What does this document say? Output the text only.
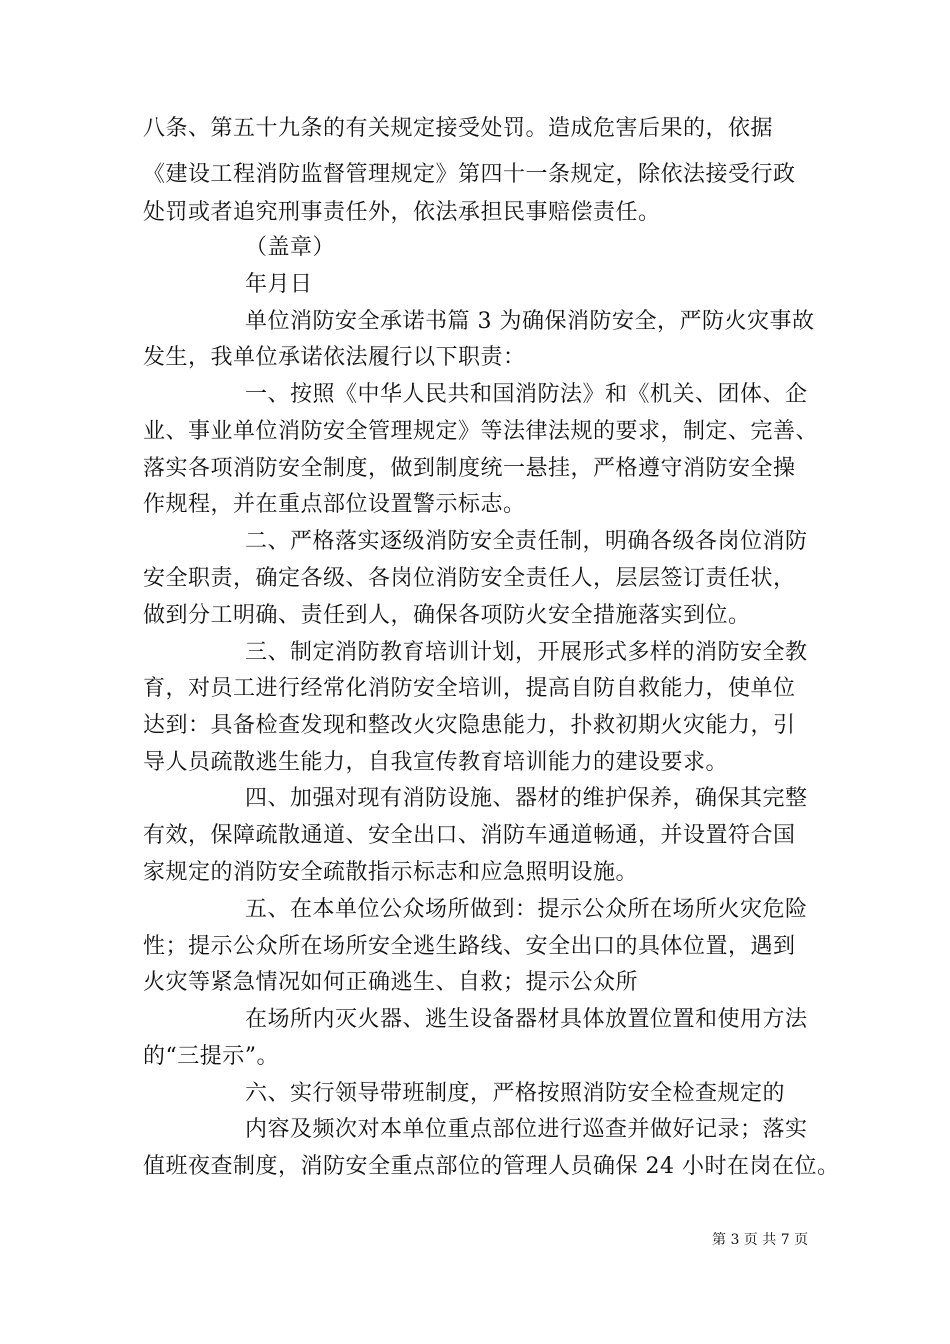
八条、第五十九条的有关规定接受处罚。造成危害后果的，依据
《建设工程消防监督管理规定》第四十一条规定，除依法接受行政
处罚或者追究刑事责任外，依法承担民事赔偿责任。
（盖章）
年月日
单位消防安全承诺书篇 3 为确保消防安全，严防火灾事故
发生，我单位承诺依法履行以下职责：
一、按照《中华人民共和国消防法》和《机关、团体、企
业、事业单位消防安全管理规定》等法律法规的要求，制定、完善、
落实各项消防安全制度，做到制度统一悬挂，严格遵守消防安全操
作规程，并在重点部位设置警示标志。
二、严格落实逐级消防安全责任制，明确各级各岗位消防
安全职责，确定各级、各岗位消防安全责任人，层层签订责任状，
做到分工明确、责任到人，确保各项防火安全措施落实到位。
三、制定消防教育培训计划，开展形式多样的消防安全教
育，对员工进行经常化消防安全培训，提高自防自救能力，使单位
达到：具备检查发现和整改火灾隐患能力，扑救初期火灾能力，引
导人员疏散逃生能力，自我宣传教育培训能力的建设要求。
四、加强对现有消防设施、器材的维护保养，确保其完整
有效，保障疏散通道、安全出口、消防车通道畅通，并设置符合国
家规定的消防安全疏散指示标志和应急照明设施。
五、在本单位公众场所做到：提示公众所在场所火灾危险
性；提示公众所在场所安全逃生路线、安全出口的具体位置，遇到
火灾等紧急情况如何正确逃生、自救；提示公众所
在场所内灭火器、逃生设备器材具体放置位置和使用方法
的“三提示”。
六、实行领导带班制度，严格按照消防安全检查规定的
内容及频次对本单位重点部位进行巡查并做好记录；落实
值班夜查制度，消防安全重点部位的管理人员确保 24 小时在岗在位。
第 3 页 共 7 页
